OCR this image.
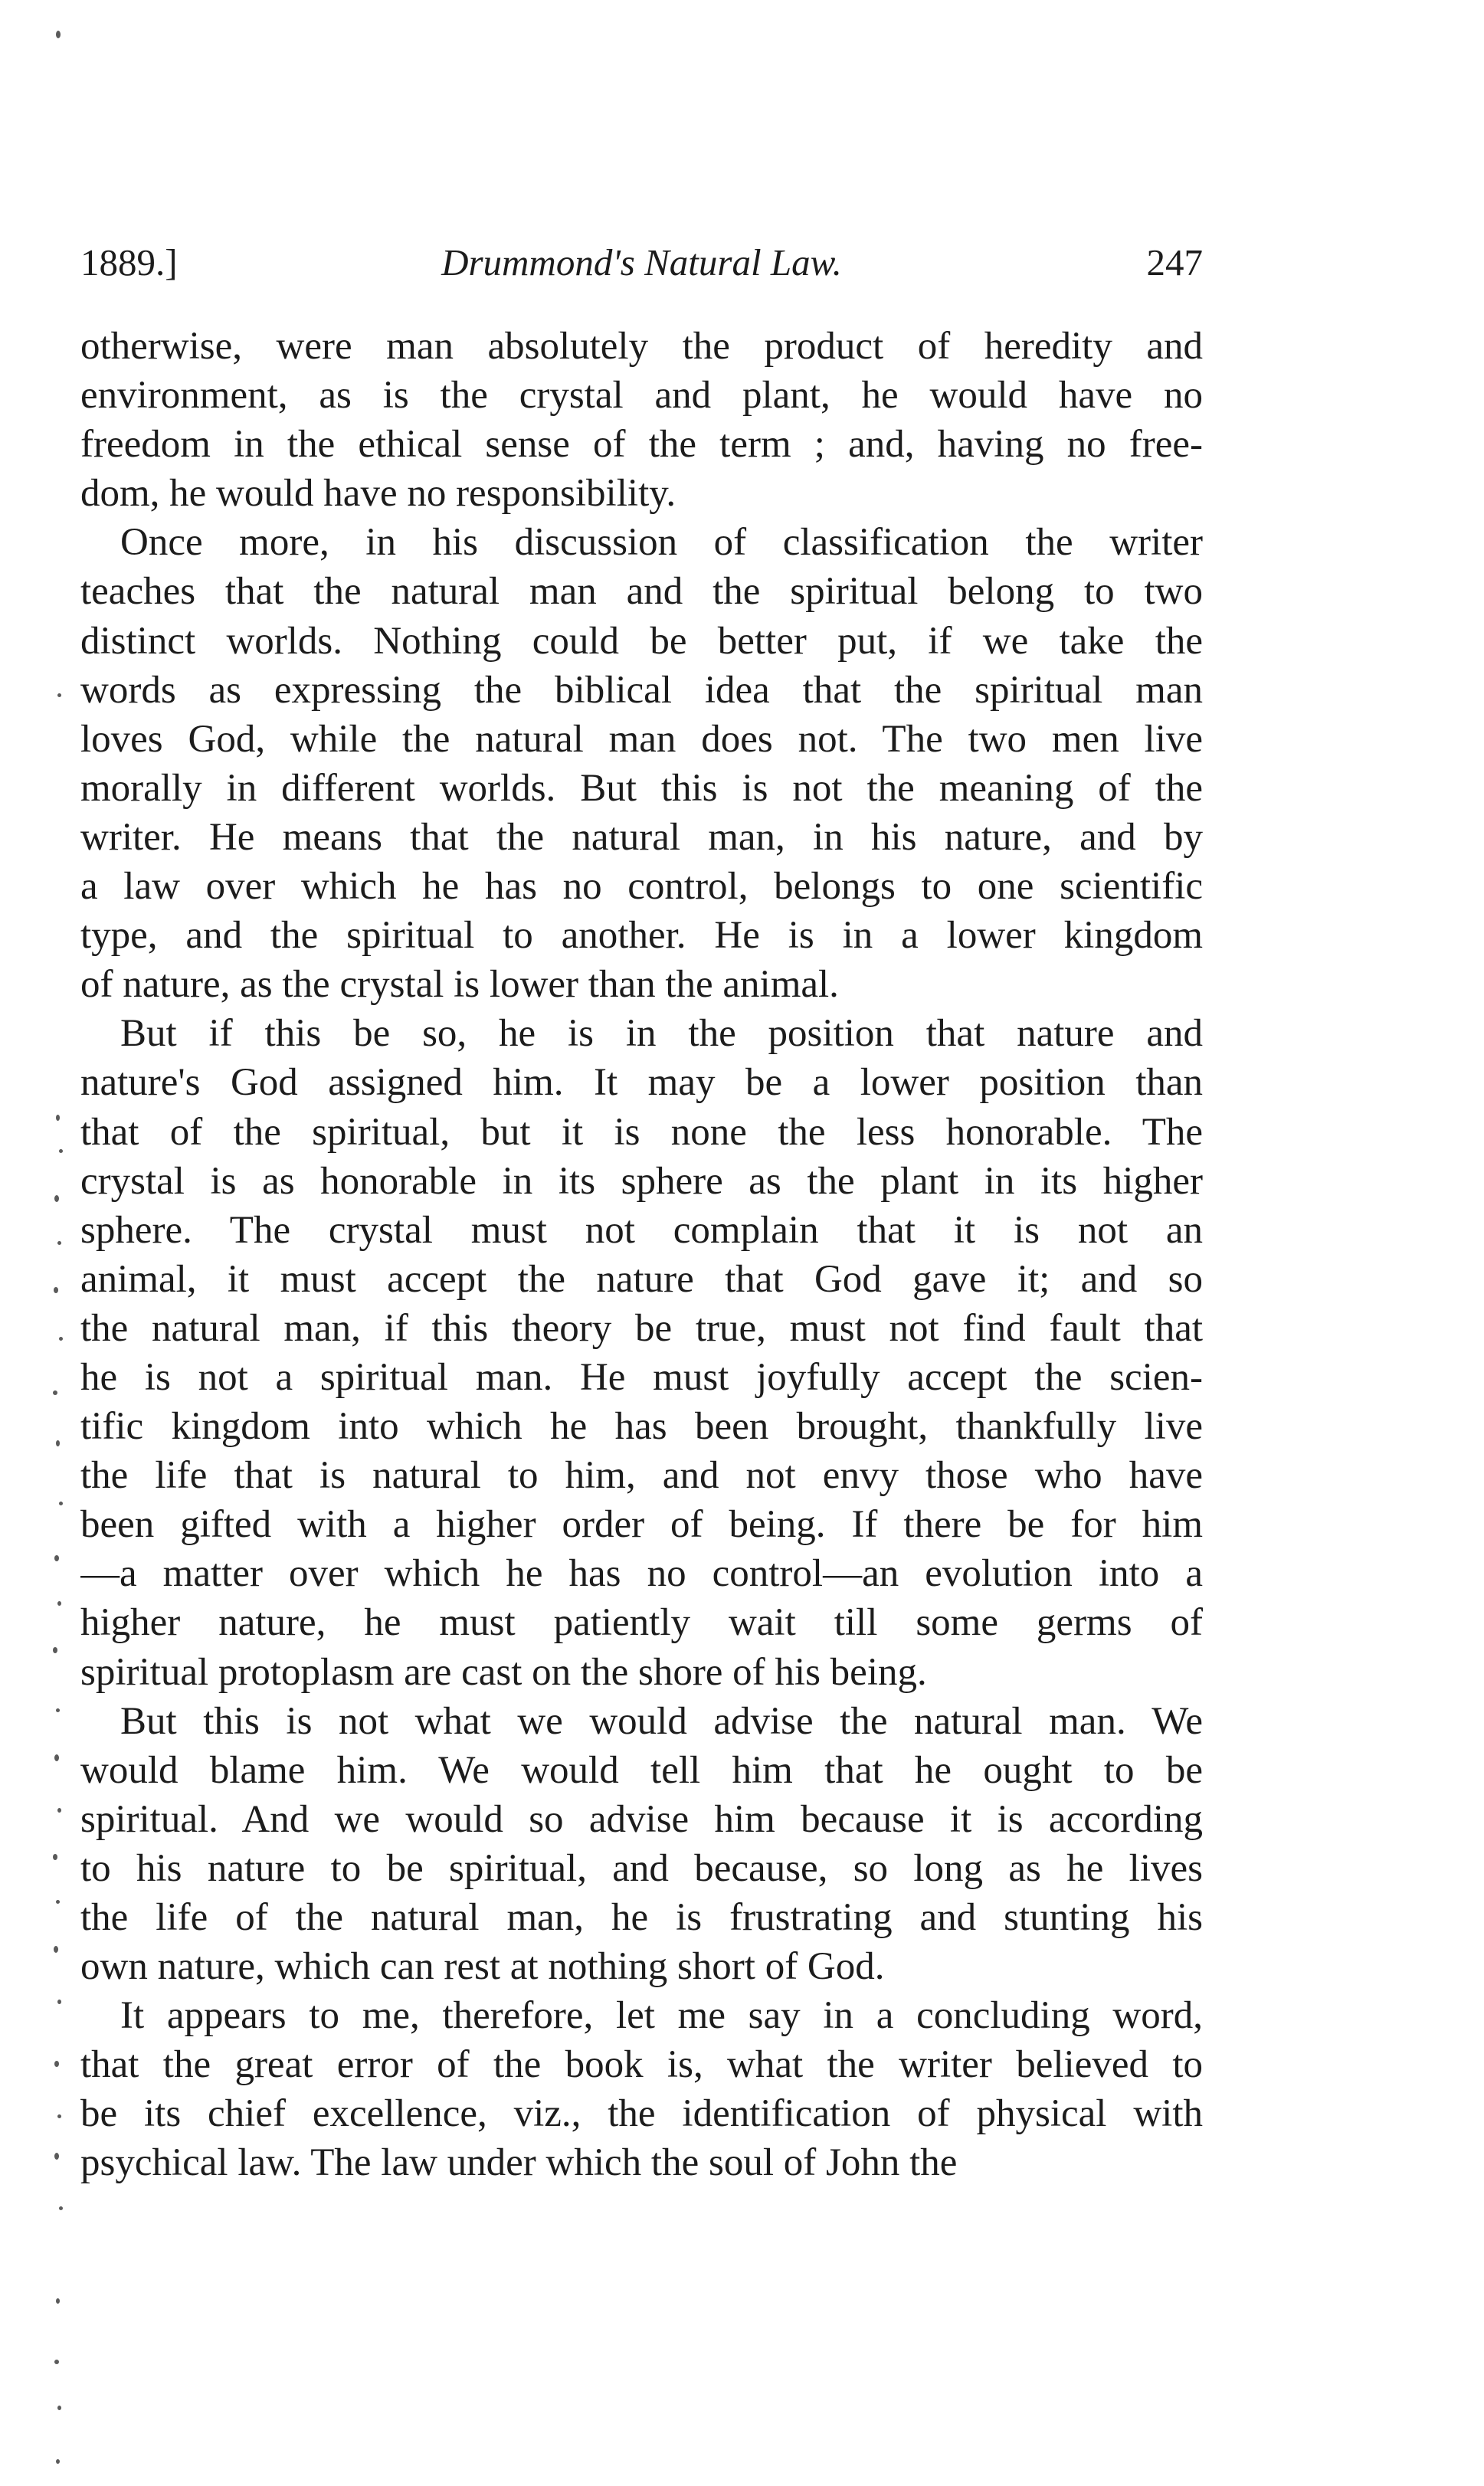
1889.]	Drummond's Natural Law.	247
otherwise, were man absolutely the product of heredity and
environment, as is the crystal and plant, he would have no
freedom in the ethical sense of the term ; and, having no free-
dom, he would have no responsibility.
Once more, in his discussion of classification the writer
teaches that the natural man and the spiritual belong to two
distinct worlds. Nothing could be better put, if we take the
words as expressing the biblical idea that the spiritual man
loves God, while the natural man does not. The two men live
morally in different worlds. But this is not the meaning of the
writer. He means that the natural man, in his nature, and by
a law over which he has no control, belongs to one scientific
type, and the spiritual to another. He is in a lower kingdom
of nature, as the crystal is lower than the animal.
But if this be so, he is in the position that nature and
nature's God assigned him. It may be a lower position than
that of the spiritual, but it is none the less honorable. The
crystal is as honorable in its sphere as the plant in its higher
sphere. The crystal must not complain that it is not an
animal, it must accept the nature that God gave it; and so
the natural man, if this theory be true, must not find fault that
he is not a spiritual man. He must joyfully accept the scien-
tific kingdom into which he has been brought, thankfully live
the life that is natural to him, and not envy those who have
been gifted with a higher order of being. If there be for him
—a matter over which he has no control—an evolution into a
higher nature, he must patiently wait till some germs of
spiritual protoplasm are cast on the shore of his being.
But this is not what we would advise the natural man. We
would blame him. We would tell him that he ought to be
spiritual. And we would so advise him because it is according
to his nature to be spiritual, and because, so long as he lives
the life of the natural man, he is frustrating and stunting his
own nature, which can rest at nothing short of God.
It appears to me, therefore, let me say in a concluding word,
that the great error of the book is, what the writer believed to
be its chief excellence, viz., the identification of physical with
psychical law. The law under which the soul of John the
